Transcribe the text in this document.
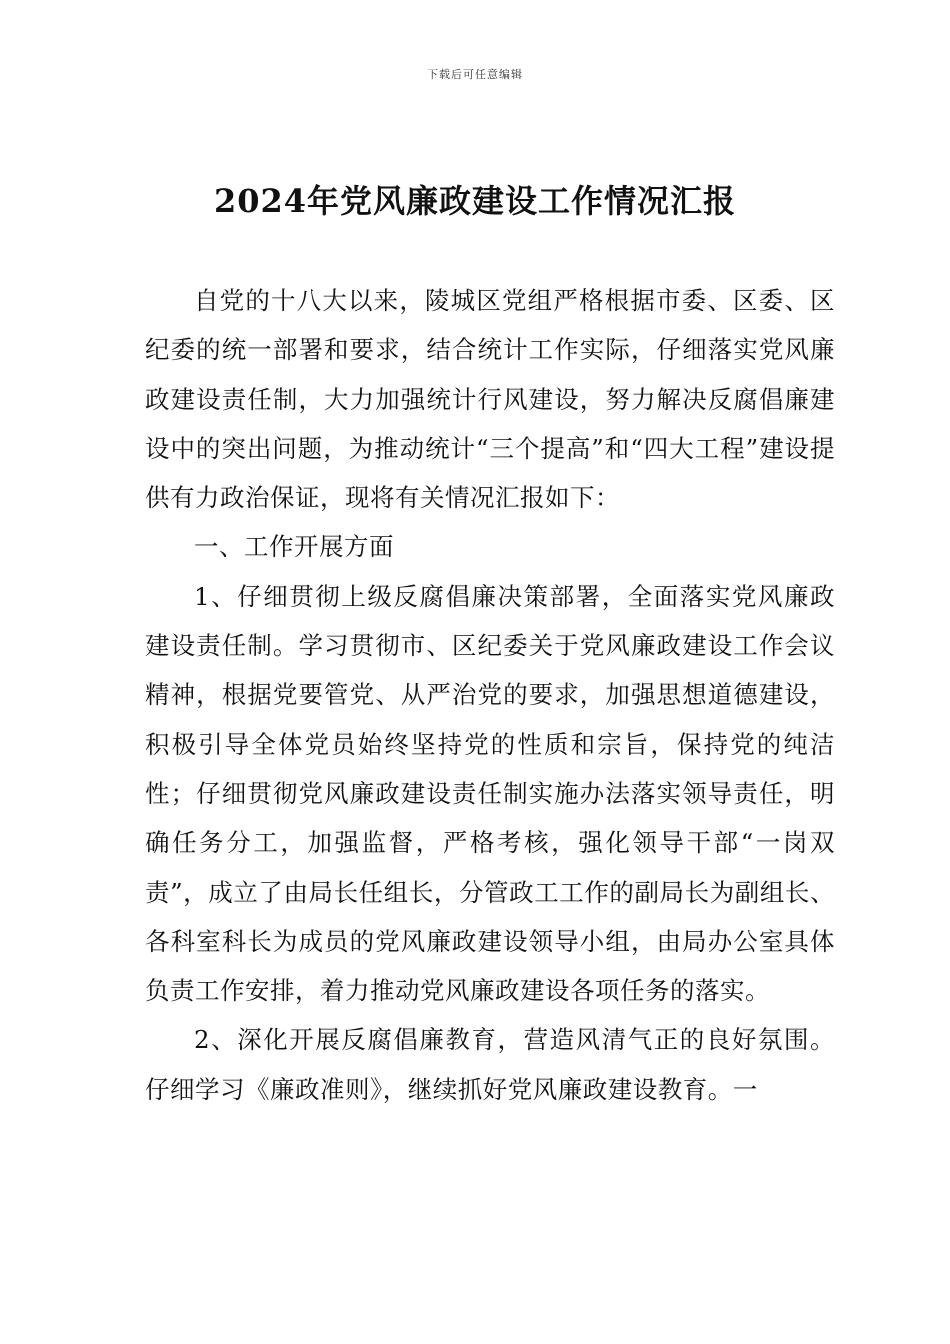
下载后可任意编辑
2024年党风廉政建设工作情况汇报

自党的十八大以来，陵城区党组严格根据市委、区委、区纪委的统一部署和要求，结合统计工作实际，仔细落实党风廉政建设责任制，大力加强统计行风建设，努力解决反腐倡廉建设中的突出问题，为推动统计“三个提高”和“四大工程”建设提供有力政治保证，现将有关情况汇报如下：

一、工作开展方面

1、仔细贯彻上级反腐倡廉决策部署，全面落实党风廉政建设责任制。学习贯彻市、区纪委关于党风廉政建设工作会议精神，根据党要管党、从严治党的要求，加强思想道德建设，积极引导全体党员始终坚持党的性质和宗旨，保持党的纯洁性；仔细贯彻党风廉政建设责任制实施办法落实领导责任，明确任务分工，加强监督，严格考核，强化领导干部“一岗双责”，成立了由局长任组长，分管政工工作的副局长为副组长、各科室科长为成员的党风廉政建设领导小组，由局办公室具体负责工作安排，着力推动党风廉政建设各项任务的落实。

2、深化开展反腐倡廉教育，营造风清气正的良好氛围。仔细学习《廉政准则》，继续抓好党风廉政建设教育。一
